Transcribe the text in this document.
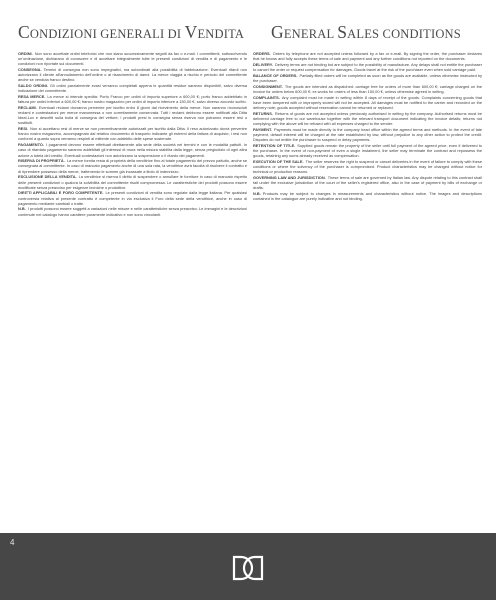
CONDIZIONI GENERALI DI VENDITA GENERAL SALES CONDITIONS

ORDINI. Non sono accettate ordini telefonici che non siano successivamente seguiti da fax o e-mail. I committenti, sottoscrivendo un'ordinazione, dichiarano di conoscere e di accettare integralmente tutte le presenti condizioni di vendita e di pagamento e le condizioni non riportate sui documenti.

CONSEGNA. Termini di consegna non sono impegnativi, ma subordinati alla possibilità di fabbricazione. Eventuali ritardi non autorizzano il cliente all'annullamento dell'ordine o al risarcimento di danni. La merce viaggia a rischio e pericolo del committente anche se venduta franco destino.

SALDO ORDINI. Gli ordini parzialmente evasi verranno completati appena le quantità residue saranno disponibili, salvo diversa indicazione del committente.

RESA MERCE. La merce si intende spedita: Porto Franco per ordini di importo superiore a 600,00 €; porto franco addebitato in fattura per ordini inferiori a 600,00 €; franco nostro magazzino per ordini di importo inferiore a 150,00 €, salvo diverso accordo scritto.

RECLAMI. Eventuali reclami dovranno pervenire per iscritto entro 8 giorni dal ricevimento della merce. Non saranno riconosciuti reclami e contestazioni per merce manomessa o non correttamente conservata. Tutti i reclami debbono essere notificati alla Ditta Ideal-Lux e descritti sulla bolla di consegna del vettore; i prodotti presi in consegna senza riserva non potranno essere resi o sostituiti.

RESI. Non si accettano resi di merce se non preventivamente autorizzati per iscritto dalla Ditta. Il reso autorizzato dovrà pervenire franco nostro magazzino, accompagnato dal relativo documento di trasporto indicante gli estremi della fattura di acquisto; i resi non conformi a quanto sopra verranno respinti al mittente con addebito delle spese sostenute.

PAGAMENTO. I pagamenti devono essere effettuati direttamente alla sede della società nei termini e con le modalità pattuiti. In caso di ritardato pagamento saranno addebitati gli interessi di mora nella misura stabilita dalla legge, senza pregiudizio di ogni altra azione a tutela del credito. Eventuali contestazioni non autorizzano la sospensione o il ritardo dei pagamenti.

RISERVA DI PROPRIETÀ. La merce fornita resta di proprietà della venditrice fino al totale pagamento del prezzo pattuito, anche se consegnata al committente. In caso di mancato pagamento anche di una sola rata, la venditrice avrà facoltà di risolvere il contratto e di riprendere possesso della merce, trattenendo le somme già incassate a titolo di indennizzo.

ESCLUSIONE DELLA VENDITA. La venditrice si riserva il diritto di sospendere o annullare le forniture in caso di mancato rispetto delle presenti condizioni o qualora la solvibilità del committente risulti compromessa. Le caratteristiche dei prodotti possono essere modificate senza preavviso per esigenze tecniche o produttive.

DIRITTI APPLICABILI E FORO COMPETENTE. Le presenti condizioni di vendita sono regolate dalla legge italiana. Per qualsiasi controversia relativa al presente contratto è competente in via esclusiva il Foro della sede della venditrice, anche in caso di pagamento mediante cambiali o tratte.

N.B. I prodotti possono essere soggetti a variazioni nelle misure e nelle caratteristiche senza preavviso. Le immagini e le descrizioni contenute nel catalogo hanno carattere puramente indicativo e non sono vincolanti.

ORDERS. Orders by telephone are not accepted unless followed by a fax or e-mail. By signing the order, the purchaser declares that he knows and fully accepts these terms of sale and payment and any further conditions not reported on the documents.

DELIVERY. Delivery terms are not binding but are subject to the possibility of manufacture. Any delays shall not entitle the purchaser to cancel the order or request compensation for damages. Goods travel at the risk of the purchaser even when sold carriage paid.

BALANCE OF ORDERS. Partially filled orders will be completed as soon as the goods are available, unless otherwise instructed by the purchaser.

CONSIGNMENT. The goods are intended as dispatched: carriage free for orders of more than 600,00 €; carriage charged on the invoice for orders below 600,00 €; ex works for orders of less than 150,00 €, unless otherwise agreed in writing.

COMPLAINTS. Any complaint must be made in writing within 8 days of receipt of the goods. Complaints concerning goods that have been tampered with or improperly stored will not be accepted. All damages must be notified to the carrier and recorded on the delivery note; goods accepted without reservation cannot be returned or replaced.

RETURNS. Returns of goods are not accepted unless previously authorised in writing by the company. Authorised returns must be delivered carriage free to our warehouse together with the relevant transport document indicating the invoice details; returns not complying with the above will be refused with all expenses charged to the sender.

PAYMENT. Payments must be made directly to the company head office within the agreed terms and methods. In the event of late payment, default interest will be charged at the rate established by law, without prejudice to any other action to protect the credit. Disputes do not entitle the purchaser to suspend or delay payments.

RETENTION OF TITLE. Supplied goods remain the property of the seller until full payment of the agreed price, even if delivered to the purchaser. In the event of non-payment of even a single instalment, the seller may terminate the contract and repossess the goods, retaining any sums already received as compensation.

EXECUTION OF THE SALE. The seller reserves the right to suspend or cancel deliveries in the event of failure to comply with these conditions or where the solvency of the purchaser is compromised. Product characteristics may be changed without notice for technical or production reasons.

GOVERNING LAW AND JURISDICTION. These terms of sale are governed by Italian law. Any dispute relating to this contract shall fall under the exclusive jurisdiction of the court of the seller's registered office, also in the case of payment by bills of exchange or drafts.

N.B. Products may be subject to changes in measurements and characteristics without notice. The images and descriptions contained in the catalogue are purely indicative and not binding.

4
